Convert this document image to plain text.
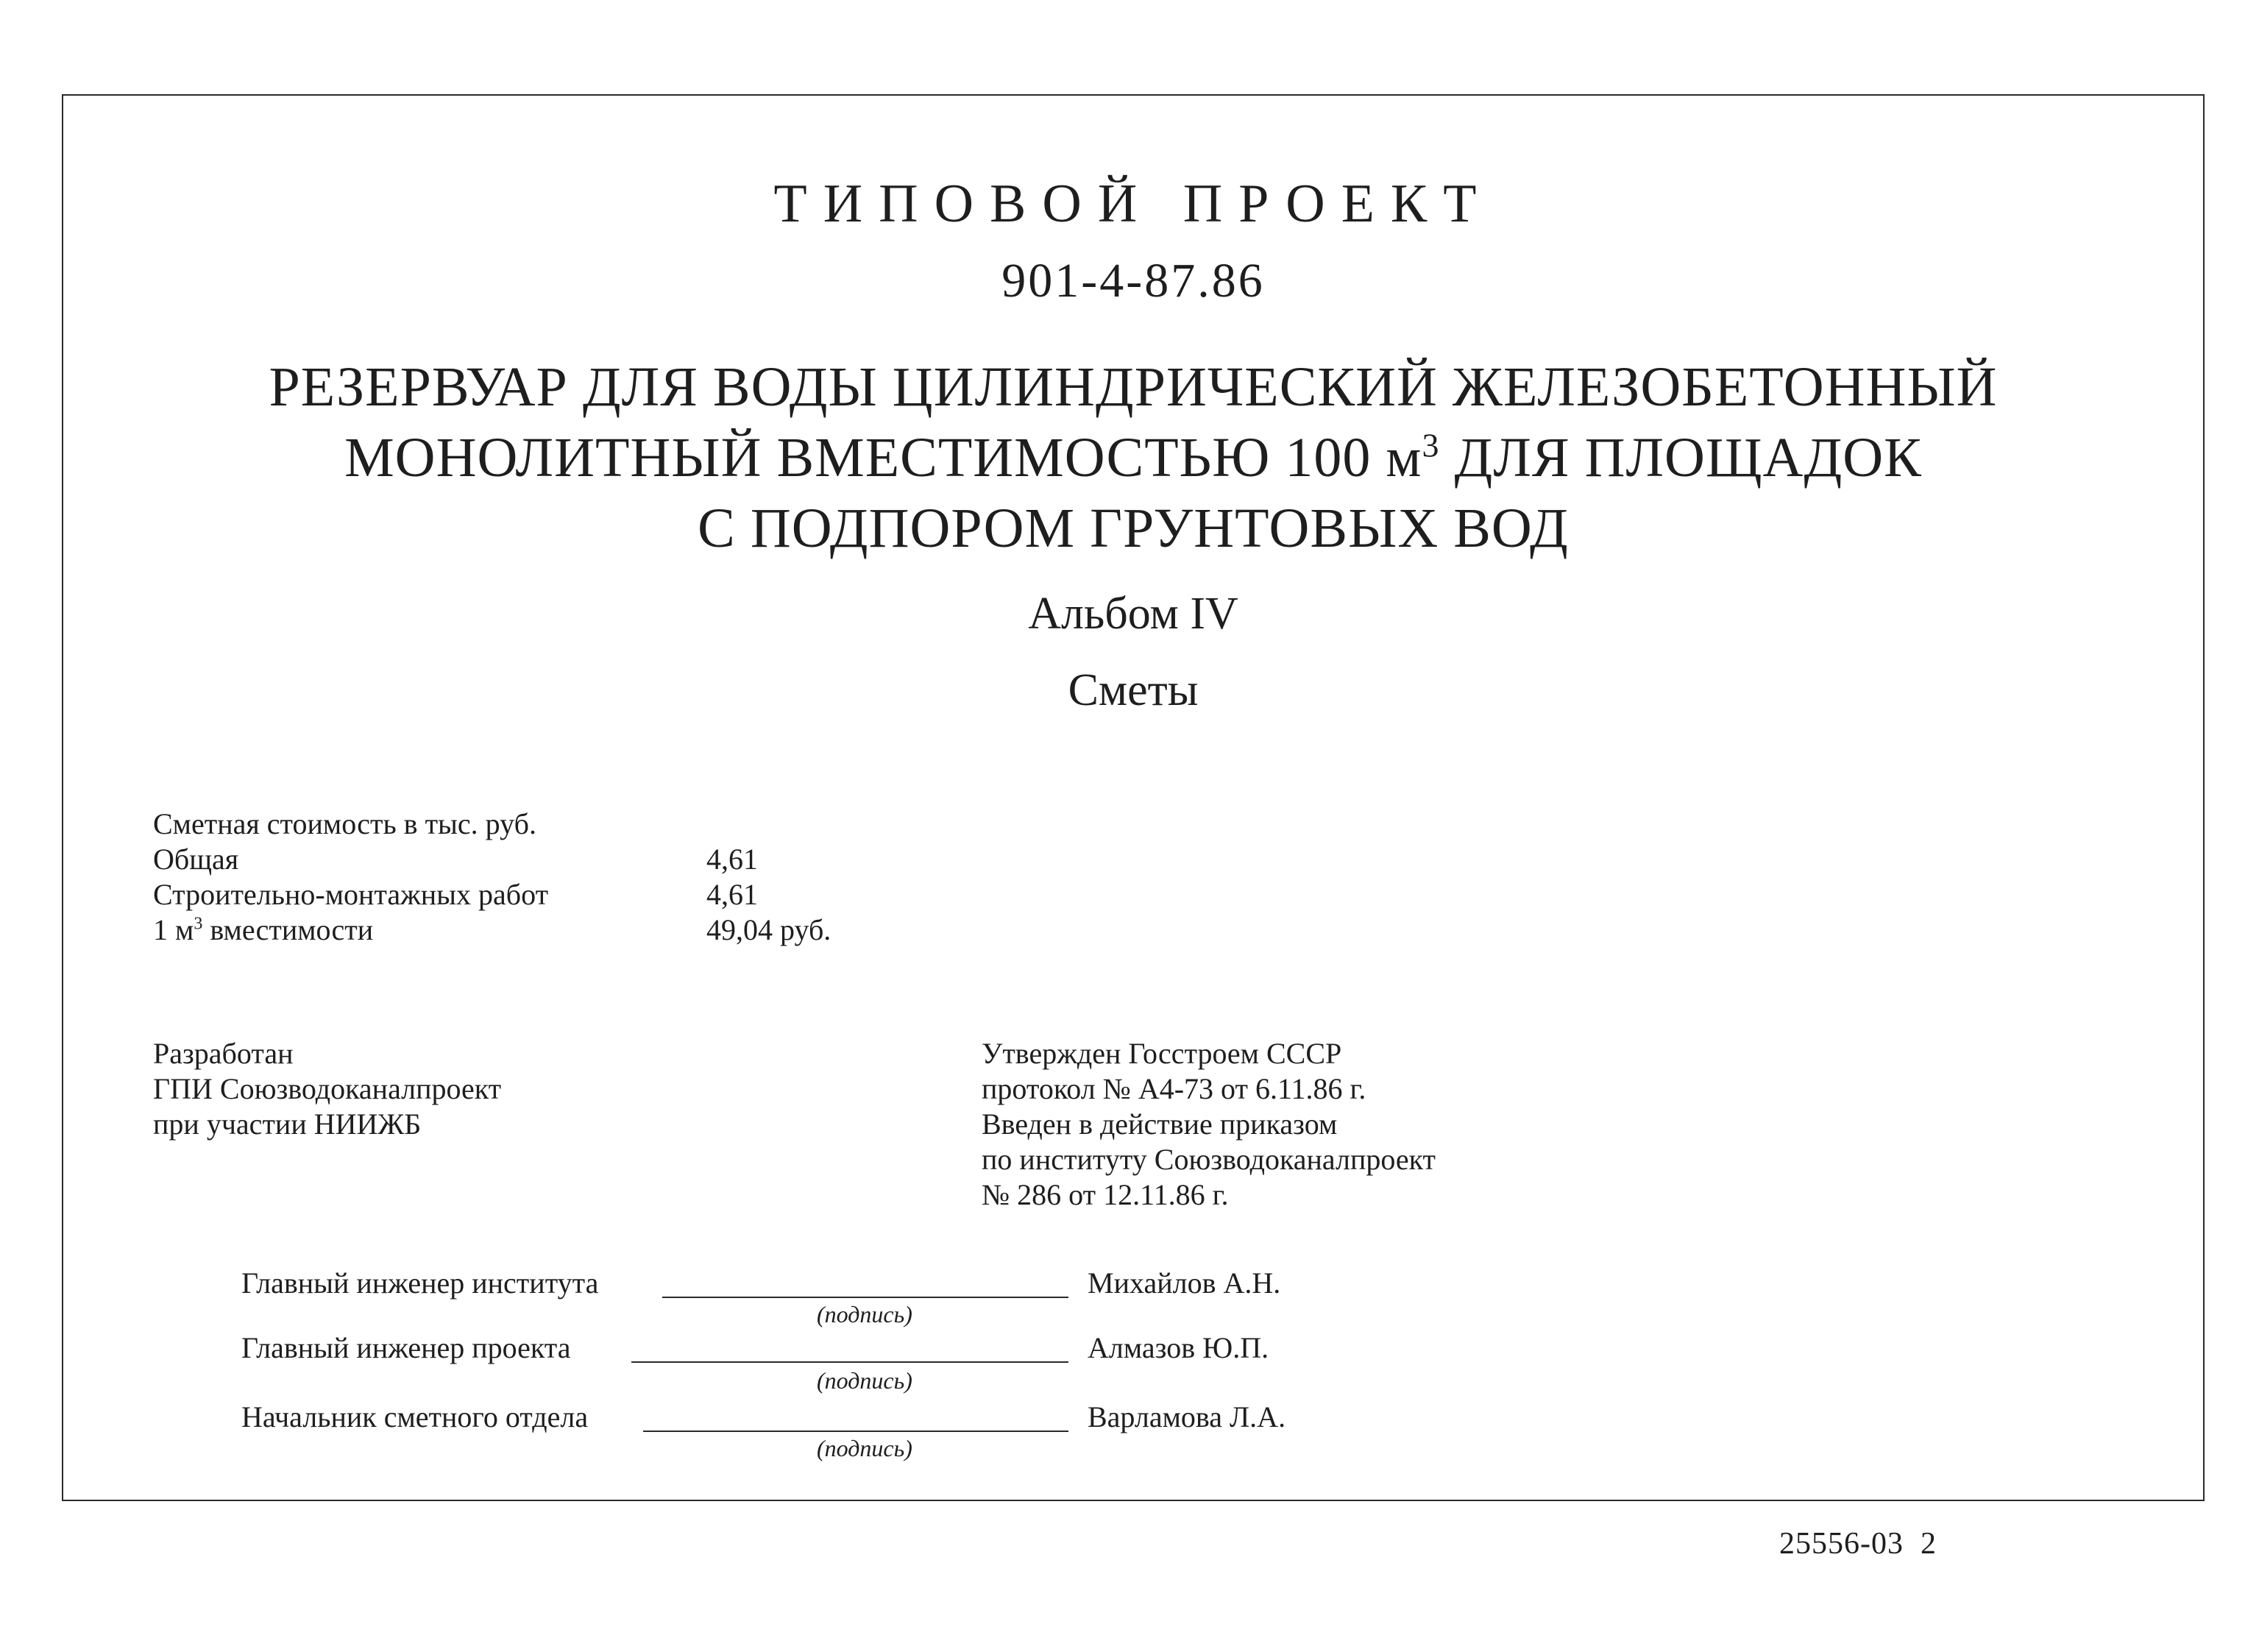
ТИПОВОЙ ПРОЕКТ
901-4-87.86
РЕЗЕРВУАР ДЛЯ ВОДЫ ЦИЛИНДРИЧЕСКИЙ ЖЕЛЕЗОБЕТОННЫЙ
МОНОЛИТНЫЙ ВМЕСТИМОСТЬЮ 100 $м^3$ ДЛЯ ПЛОЩАДОК
С ПОДПОРОМ ГРУНТОВЫХ ВОД
Альбом IV
Сметы
Сметная стоимость в тыс. руб.
Общая	4,61
Строительно-монтажных работ	4,61
1 $м^3$ вместимости	49,04 руб.
Разработан
ГПИ Союзводоканалпроект
при участии НИИЖБ
Утвержден Госстроем СССР
протокол № А4-73 от 6.11.86 г.
Введен в действие приказом
по институту Союзводоканалпроект
№ 286 от 12.11.86 г.
Главный инженер института	Михайлов А.Н.
(подпись)
Главный инженер проекта	Алмазов Ю.П.
(подпись)
Начальник сметного отдела	Варламова Л.А.
(подпись)
25556-03 2
